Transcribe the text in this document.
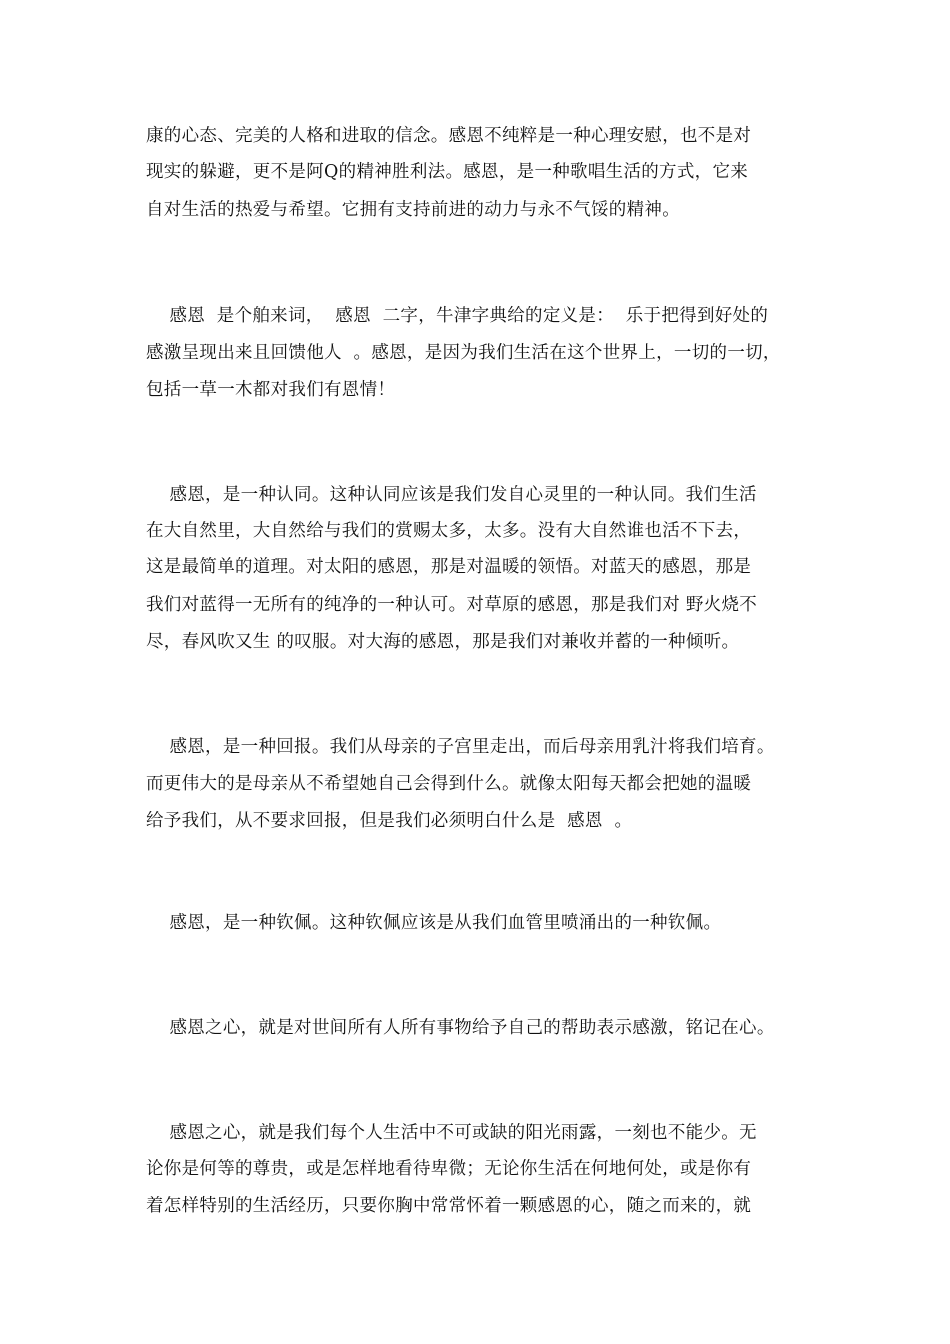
康的心态、完美的人格和进取的信念。感恩不纯粹是一种心理安慰，也不是对
现实的躲避，更不是阿Q的精神胜利法。感恩，是一种歌唱生活的方式，它来
自对生活的热爱与希望。它拥有支持前进的动力与永不气馁的精神。
感恩  是个舶来词，  感恩  二字，牛津字典给的定义是：  乐于把得到好处的
感激呈现出来且回馈他人  。感恩，是因为我们生活在这个世界上，一切的一切，
包括一草一木都对我们有恩情！
感恩，是一种认同。这种认同应该是我们发自心灵里的一种认同。我们生活
在大自然里，大自然给与我们的赏赐太多，太多。没有大自然谁也活不下去，
这是最简单的道理。对太阳的感恩，那是对温暖的领悟。对蓝天的感恩，那是
我们对蓝得一无所有的纯净的一种认可。对草原的感恩，那是我们对 野火烧不
尽，春风吹又生 的叹服。对大海的感恩，那是我们对兼收并蓄的一种倾听。
感恩，是一种回报。我们从母亲的子宫里走出，而后母亲用乳汁将我们培育。
而更伟大的是母亲从不希望她自己会得到什么。就像太阳每天都会把她的温暖
给予我们，从不要求回报，但是我们必须明白什么是  感恩  。
感恩，是一种钦佩。这种钦佩应该是从我们血管里喷涌出的一种钦佩。
感恩之心，就是对世间所有人所有事物给予自己的帮助表示感激，铭记在心。
感恩之心，就是我们每个人生活中不可或缺的阳光雨露，一刻也不能少。无
论你是何等的尊贵，或是怎样地看待卑微；无论你生活在何地何处，或是你有
着怎样特别的生活经历，只要你胸中常常怀着一颗感恩的心，随之而来的，就
